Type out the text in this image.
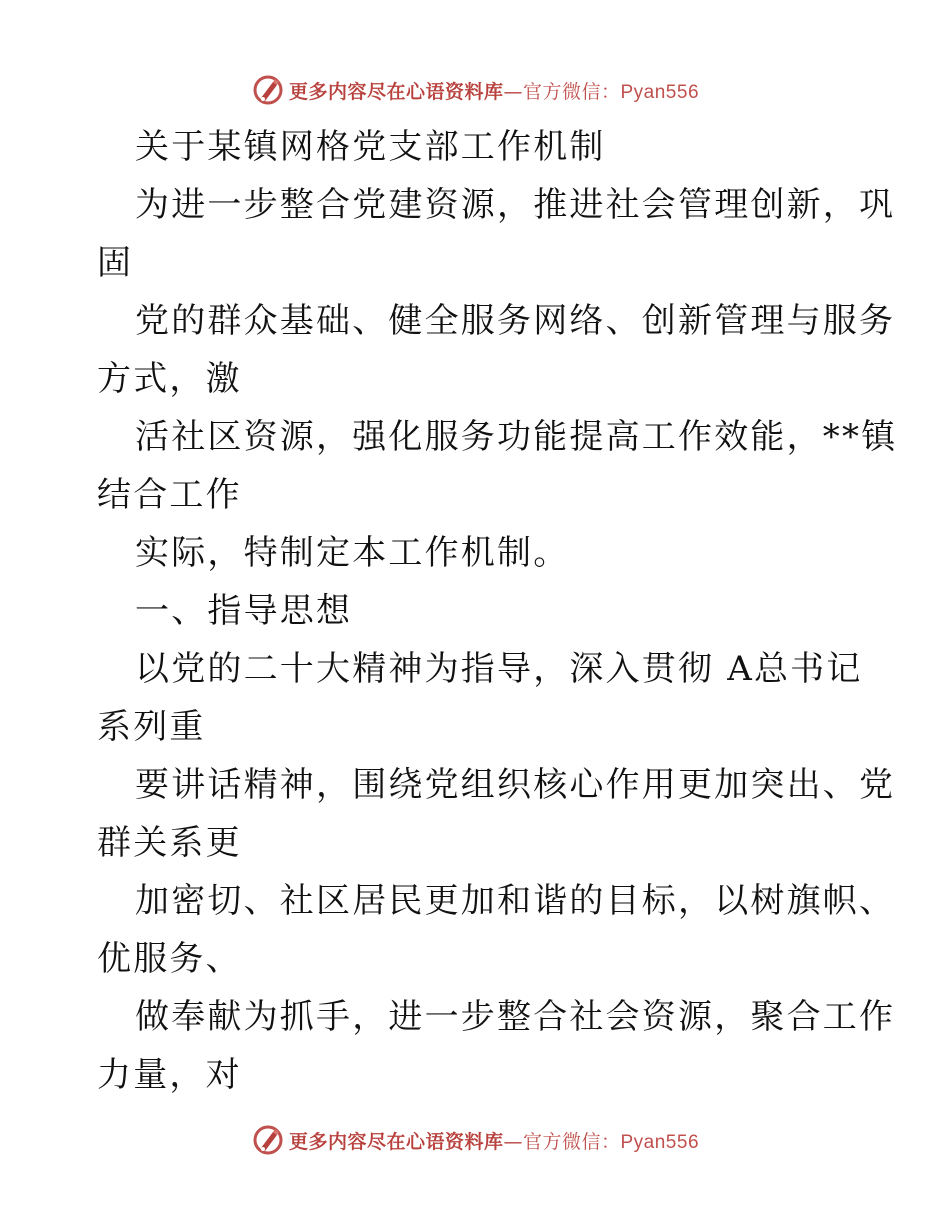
更多内容尽在心语资料库—官方微信：Pyan556
关于某镇网格党支部工作机制
为进一步整合党建资源，推进社会管理创新，巩
固
党的群众基础、健全服务网络、创新管理与服务
方式，激
活社区资源，强化服务功能提高工作效能，**镇
结合工作
实际，特制定本工作机制。
一、指导思想
以党的二十大精神为指导，深入贯彻 A总书记
系列重
要讲话精神，围绕党组织核心作用更加突出、党
群关系更
加密切、社区居民更加和谐的目标，以树旗帜、
优服务、
做奉献为抓手，进一步整合社会资源，聚合工作
力量，对
更多内容尽在心语资料库—官方微信：Pyan556
